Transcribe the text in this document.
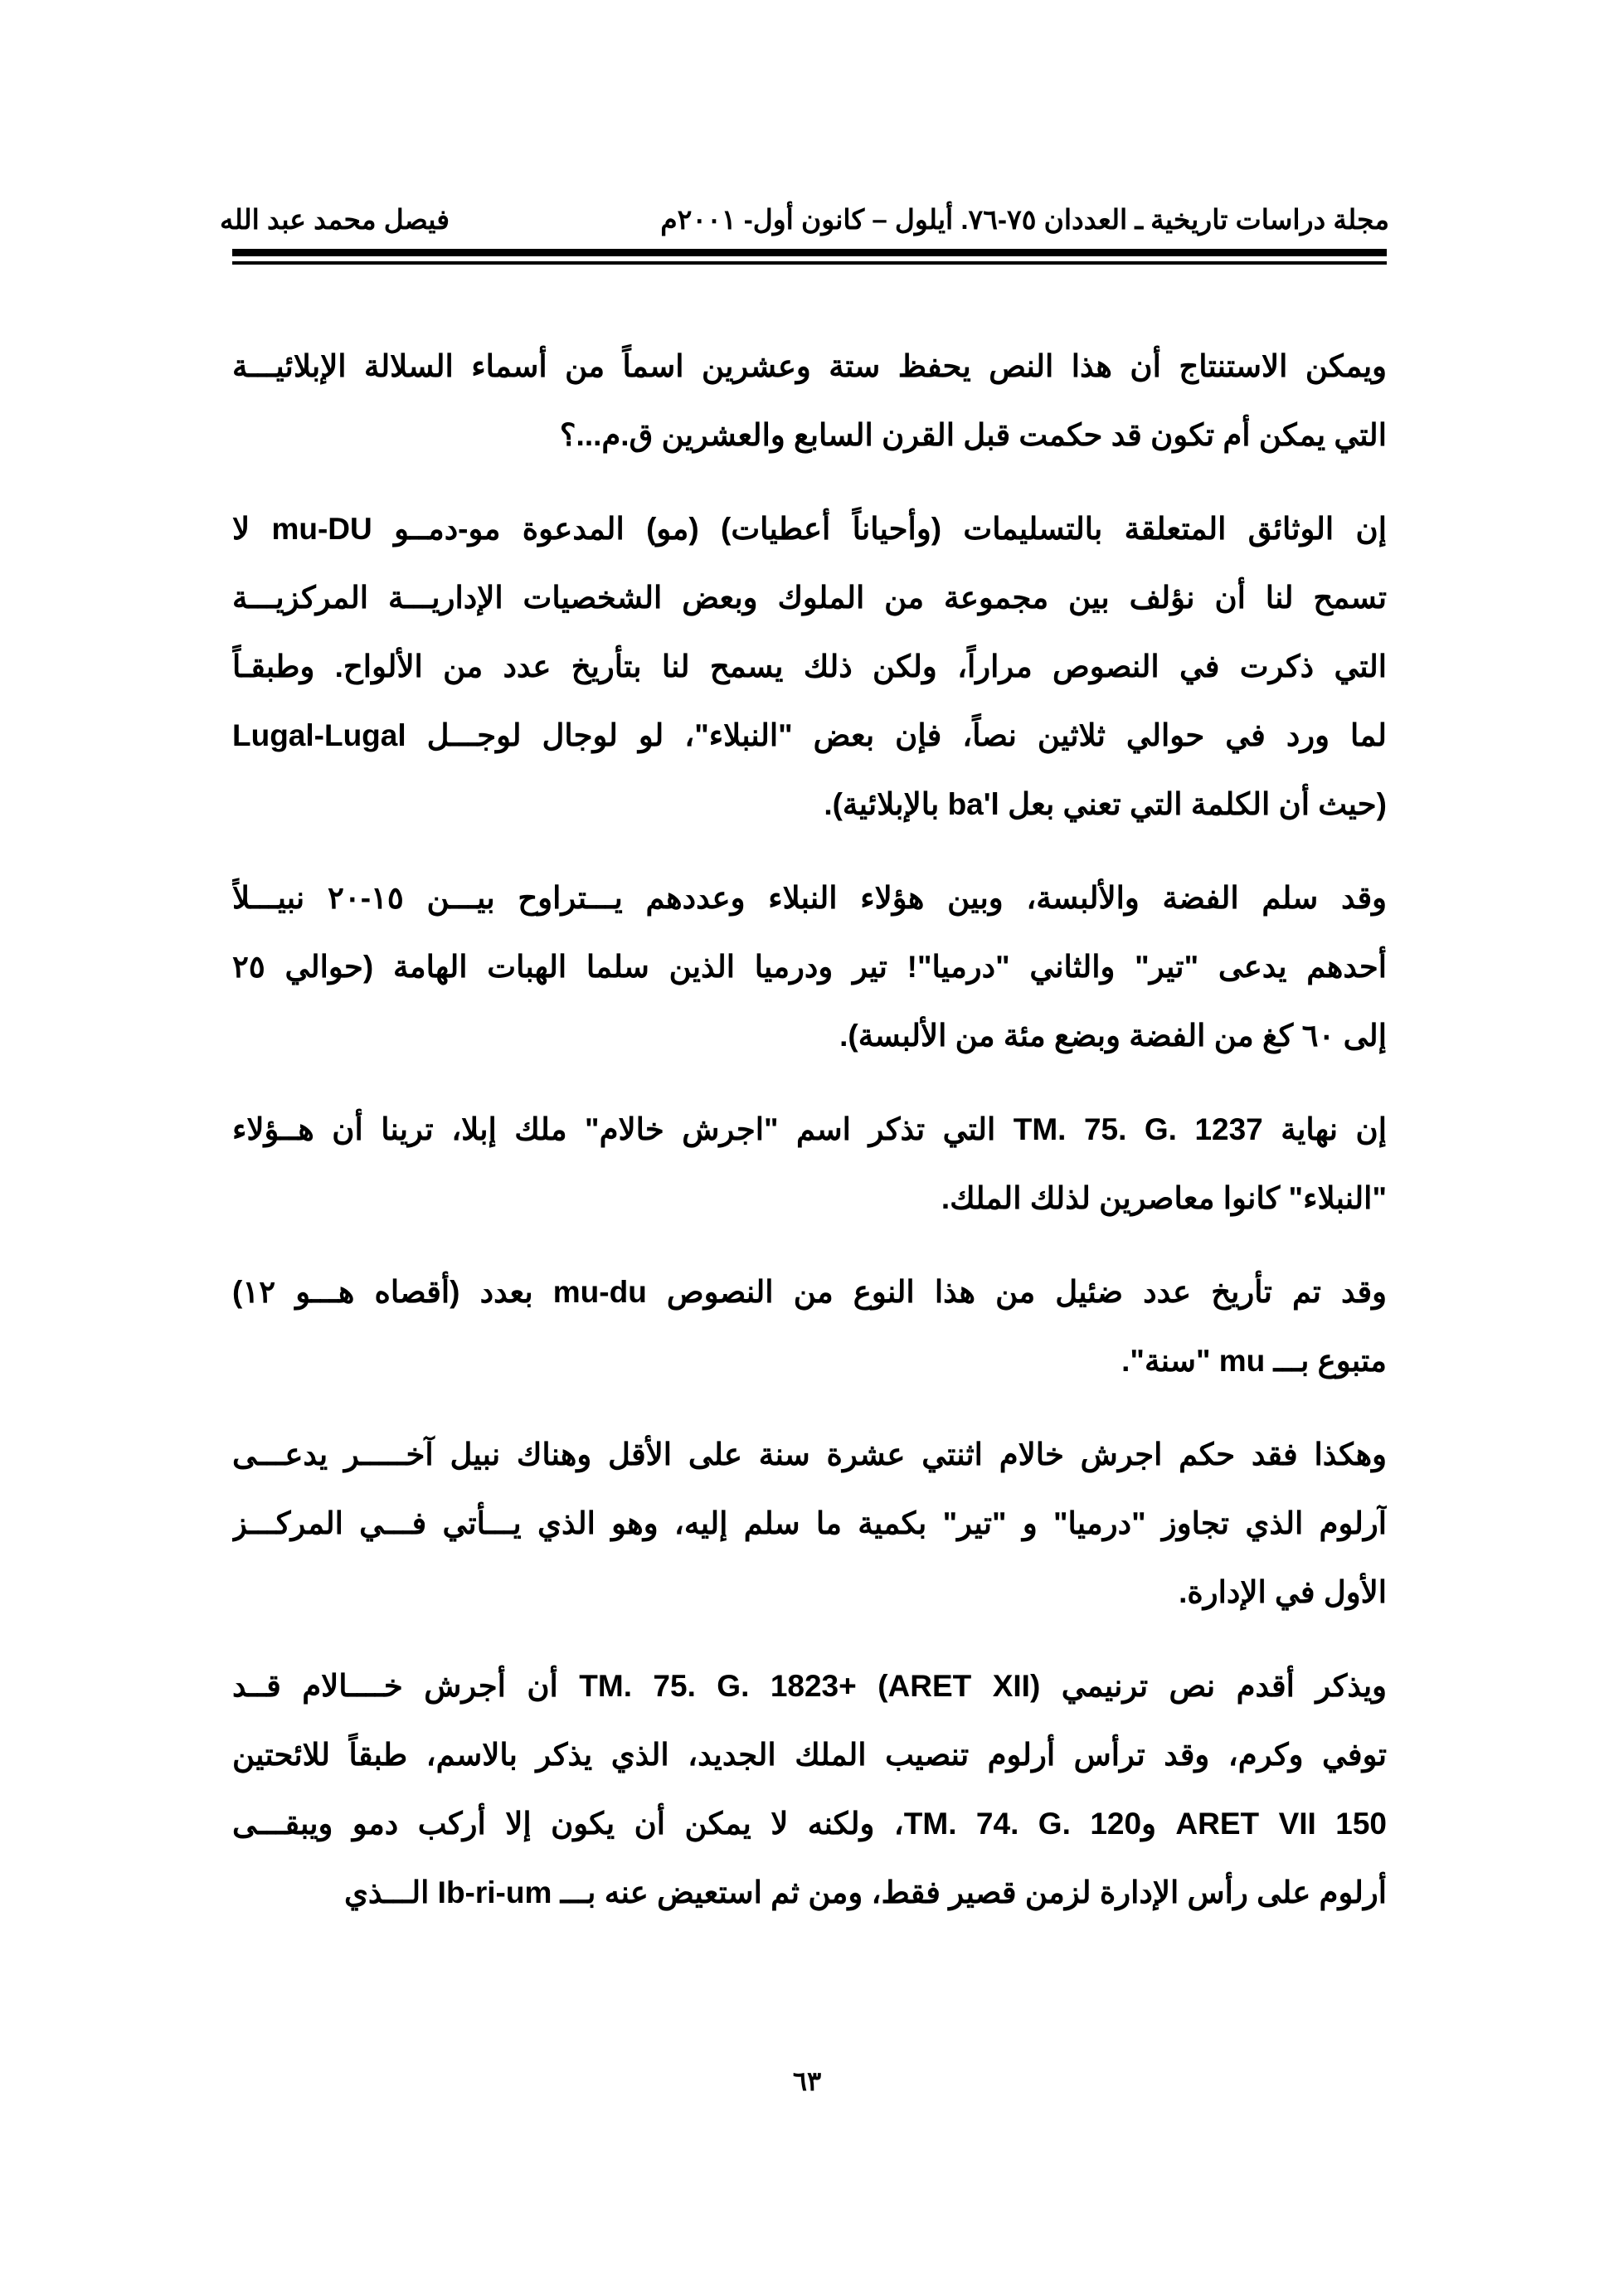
مجلة دراسات تاريخية ـ العددان ٧٥-٧٦. أيلول – كانون أول- ٢٠٠١م
فيصل محمد عبد الله
ويمكن الاستنتاج أن هذا النص يحفظ ستة وعشرين اسماً من أسماء السلالة الإبلائيـــة
التي يمكن أم تكون قد حكمت قبل القرن السابع والعشرين ق.م...؟
إن الوثائق المتعلقة بالتسليمات (وأحياناً أعطيات) (مو) المدعوة مو-دمــو mu-DU لا
تسمح لنا أن نؤلف بين مجموعة من الملوك وبعض الشخصيات الإداريـــة المركزيـــة
التي ذكرت في النصوص مراراً، ولكن ذلك يسمح لنا بتأريخ عدد من الألواح. وطبقـاً
لما ورد في حوالي ثلاثين نصاً، فإن بعض "النبلاء"، لو لوجال لوجـــل Lugal-Lugal
(حيث أن الكلمة التي تعني بعل ba'l بالإبلائية).
وقد سلم الفضة والألبسة، وبين هؤلاء النبلاء وعددهم يـــتراوح بيـــن ١٥-٢٠ نبيـــلاً
أحدهم يدعى "تير" والثاني "درميا"! تير ودرميا الذين سلما الهبات الهامة (حوالي ٢٥
إلى ٦٠ كغ من الفضة وبضع مئة من الألبسة).
إن نهاية TM. 75. G. 1237 التي تذكر اسم "اجرش خالام" ملك إبلا، ترينا أن هــؤلاء
"النبلاء" كانوا معاصرين لذلك الملك.
وقد تم تأريخ عدد ضئيل من هذا النوع من النصوص mu-du بعدد (أقصاه هـــو ١٢)
متبوع بـــ mu "سنة".
وهكذا فقد حكم اجرش خالام اثنتي عشرة سنة على الأقل وهناك نبيل آخـــــر يدعـــى
آرلوم الذي تجاوز "درميا" و "تير" بكمية ما سلم إليه، وهو الذي يـــأتي فـــي المركـــز
الأول في الإدارة.
ويذكر أقدم نص ترنيمي (ARET XII) +TM. 75. G. 1823 أن أجرش خــــالام قــد
توفي وكرم، وقد ترأس أرلوم تنصيب الملك الجديد، الذي يذكر بالاسم، طبقاً للائحتين
ARET VII 150 وTM. 74. G. 120، ولكنه لا يمكن أن يكون إلا أركب دمو ويبقـــى
أرلوم على رأس الإدارة لزمن قصير فقط، ومن ثم استعيض عنه بـــ Ib-ri-um الـــذي
٦٣
